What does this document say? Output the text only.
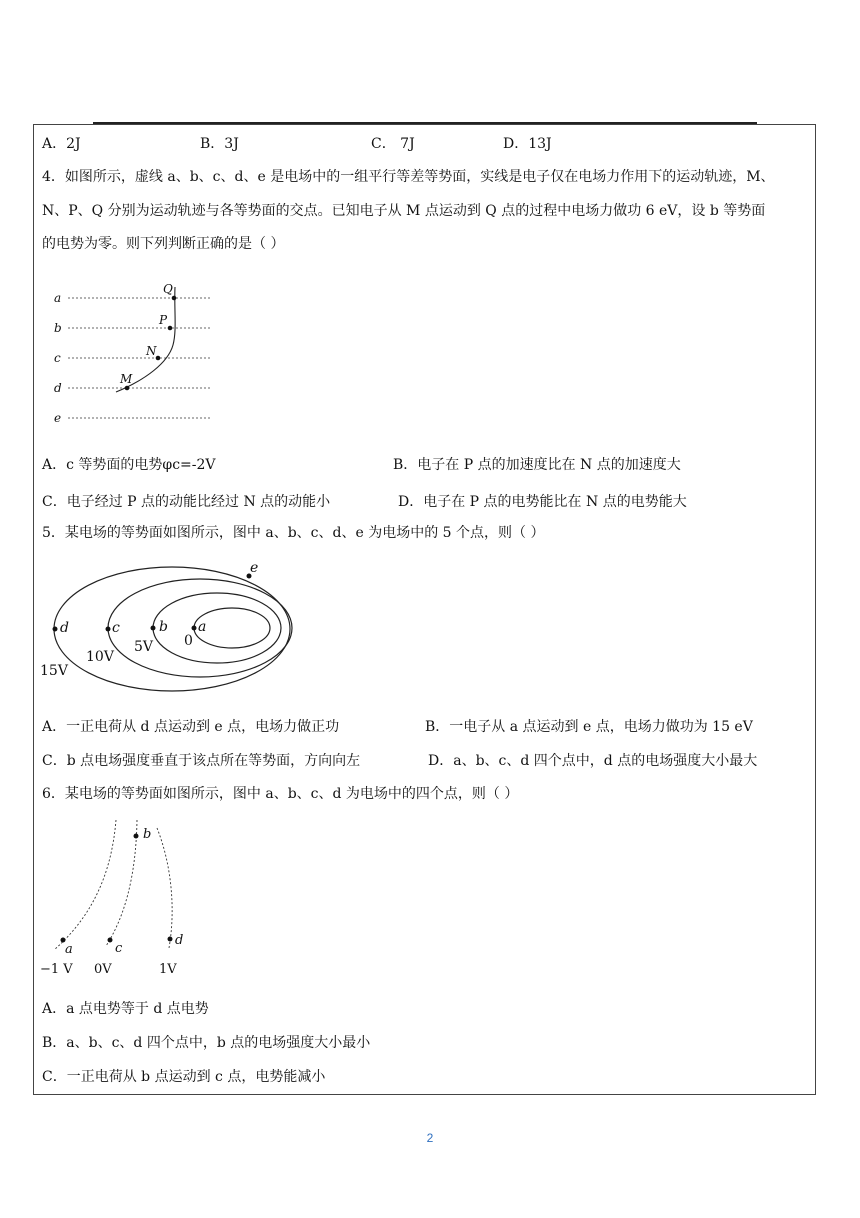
A．2J	B．3J	C． 7J	D．13J
4．如图所示，虚线 a、b、c、d、e 是电场中的一组平行等差等势面，实线是电子仅在电场力作用下的运动轨迹，M、
N、P、Q 分别为运动轨迹与各等势面的交点。已知电子从 M 点运动到 Q 点的过程中电场力做功 6 eV，设 b 等势面
的电势为零。则下列判断正确的是（ ）
a
b
c
d
e
Q
P
N
M
A．c 等势面的电势φc=-2V	B．电子在 P 点的加速度比在 N 点的加速度大
C．电子经过 P 点的动能比经过 N 点的动能小	D．电子在 P 点的电势能比在 N 点的电势能大
5．某电场的等势面如图所示，图中 a、b、c、d、e 为电场中的 5 个点，则（ ）
d	c	b a
e
0
5V
10V
15V
A．一正电荷从 d 点运动到 e 点，电场力做正功	B．一电子从 a 点运动到 e 点，电场力做功为 15 eV
C．b 点电场强度垂直于该点所在等势面，方向向左	D．a、b、c、d 四个点中，d 点的电场强度大小最大
6．某电场的等势面如图所示，图中 a、b、c、d 为电场中的四个点，则（ ）
a
b
c
d
−1 V 0V	1V
A．a 点电势等于 d 点电势
B．a、b、c、d 四个点中，b 点的电场强度大小最小
C．一正电荷从 b 点运动到 c 点，电势能减小
2
